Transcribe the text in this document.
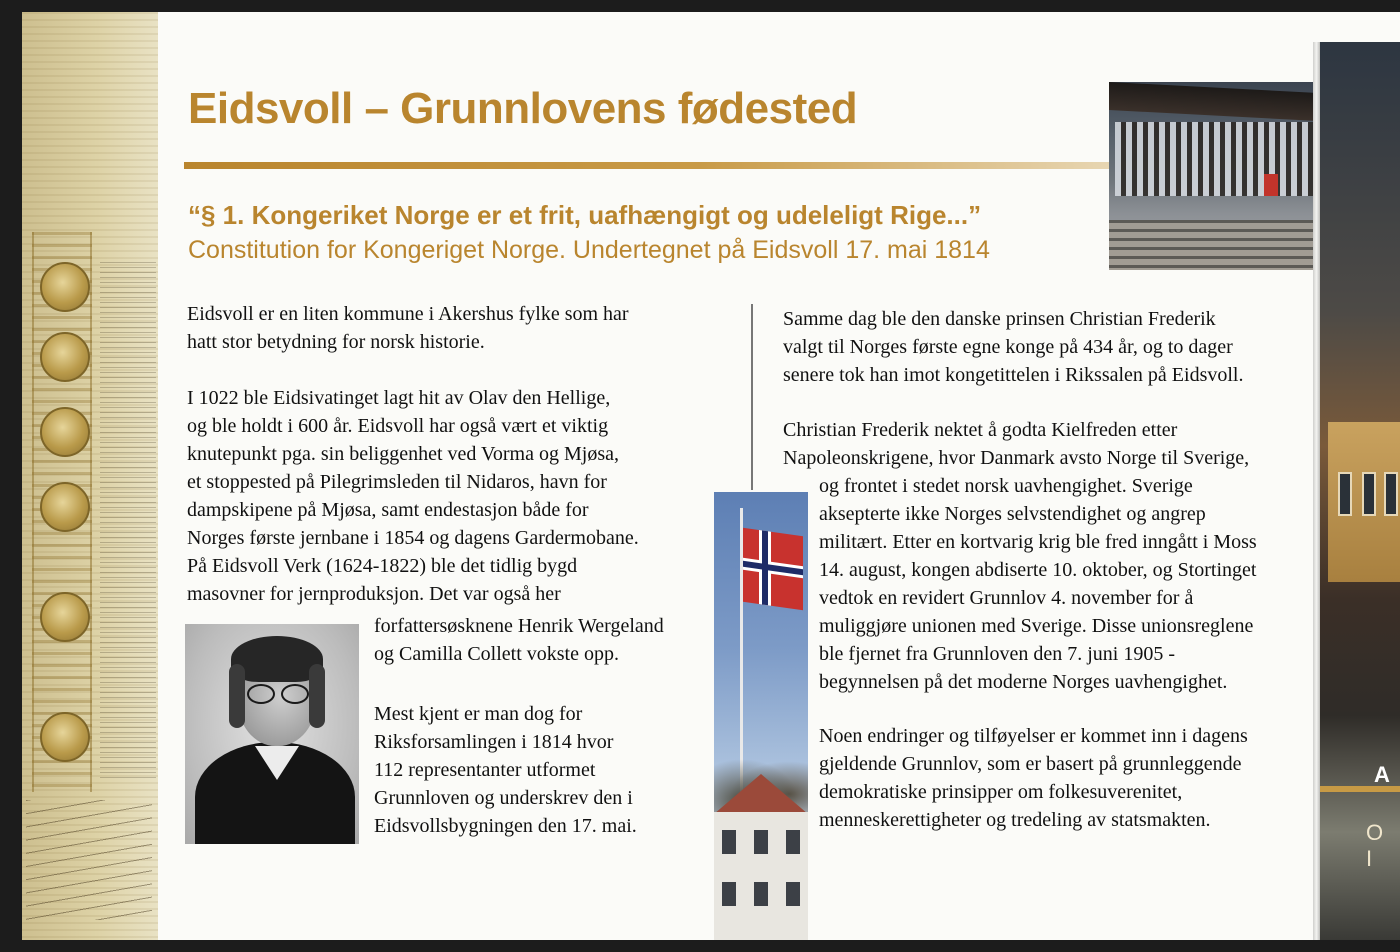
Eidsvoll – Grunnlovens fødested

“§ 1. Kongeriket Norge er et frit, uafhængigt og udeleligt Rige...”

Constitution for Kongeriget Norge. Undertegnet på Eidsvoll 17. mai 1814

Eidsvoll er en liten kommune i Akershus fylke som har
hatt stor betydning for norsk historie.

I 1022 ble Eidsivatinget lagt hit av Olav den Hellige,
og ble holdt i 600 år. Eidsvoll har også vært et viktig
knutepunkt pga. sin beliggenhet ved Vorma og Mjøsa,
et stoppested på Pilegrimsleden til Nidaros, havn for
dampskipene på Mjøsa, samt endestasjon både for
Norges første jernbane i 1854 og dagens Gardermobane.
På Eidsvoll Verk (1624-1822) ble det tidlig bygd
masovner for jernproduksjon. Det var også her

forfattersøsknene Henrik Wergeland
og Camilla Collett vokste opp.

Mest kjent er man dog for
Riksforsamlingen i 1814 hvor
112 representanter utformet
Grunnloven og underskrev den i
Eidsvollsbygningen den 17. mai.

Samme dag ble den danske prinsen Christian Frederik
valgt til Norges første egne konge på 434 år, og to dager
senere tok han imot kongetittelen i Rikssalen på Eidsvoll.

Christian Frederik nektet å godta Kielfreden etter
Napoleonskrigene, hvor Danmark avsto Norge til Sverige,

og frontet i stedet norsk uavhengighet. Sverige
aksepterte ikke Norges selvstendighet og angrep
militært. Etter en kortvarig krig ble fred inngått i Moss
14. august, kongen abdiserte 10. oktober, og Stortinget
vedtok en revidert Grunnlov 4. november for å
muliggjøre unionen med Sverige. Disse unionsreglene
ble fjernet fra Grunnloven den 7. juni 1905 -
begynnelsen på det moderne Norges uavhengighet.

Noen endringer og tilføyelser er kommet inn i dagens
gjeldende Grunnlov, som er basert på grunnleggende
demokratiske prinsipper om folkesuverenitet,
menneskerettigheter og tredeling av statsmakten.

A
O I
